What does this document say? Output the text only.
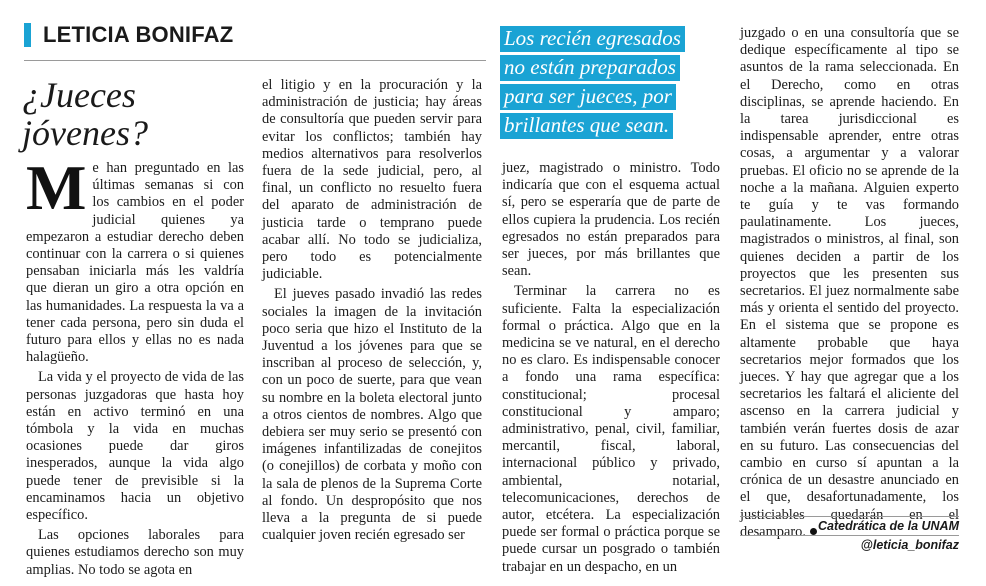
LETICIA BONIFAZ
¿Jueces jóvenes?
Los recién egresados
no están preparados
para ser jueces, por
brillantes que sean.

Me han preguntado en las últimas semanas si con los cambios en el poder judicial quienes ya empezaron a estudiar derecho deben continuar con la carrera o si quienes pensaban iniciarla más les valdría que dieran un giro a otra opción en las humanidades. La respuesta la va a tener cada persona, pero sin duda el futuro para ellos y ellas no es nada halagüeño.

La vida y el proyecto de vida de las personas juzgadoras que hasta hoy están en activo terminó en una tómbola y la vida en muchas ocasiones puede dar giros inesperados, aunque la vida algo puede tener de previsible si la encaminamos hacia un objetivo específico.

Las opciones laborales para quienes estudiamos derecho son muy amplias. No todo se agota en

el litigio y en la procuración y la administración de justicia; hay áreas de consultoría que pueden servir para evitar los conflictos; también hay medios alternativos para resolverlos fuera de la sede judicial, pero, al final, un conflicto no resuelto fuera del aparato de administración de justicia tarde o temprano puede acabar allí. No todo se judicializa, pero todo es potencialmente judiciable.

El jueves pasado invadió las redes sociales la imagen de la invitación poco seria que hizo el Instituto de la Juventud a los jóvenes para que se inscriban al proceso de selección, y, con un poco de suerte, para que vean su nombre en la boleta electoral junto a otros cientos de nombres. Algo que debiera ser muy serio se presentó con imágenes infantilizadas de conejitos (o conejillos) de corbata y moño con la sala de plenos de la Suprema Corte al fondo. Un despropósito que nos lleva a la pregunta de si puede cualquier joven recién egresado ser

juez, magistrado o ministro. Todo indicaría que con el esquema actual sí, pero se esperaría que de parte de ellos cupiera la prudencia. Los recién egresados no están preparados para ser jueces, por más brillantes que sean.

Terminar la carrera no es suficiente. Falta la especialización formal o práctica. Algo que en la medicina se ve natural, en el derecho no es claro. Es indispensable conocer a fondo una rama específica: constitucional; procesal constitucional y amparo; administrativo, penal, civil, familiar, mercantil, fiscal, laboral, internacional público y privado, ambiental, notarial, telecomunicaciones, derechos de autor, etcétera. La especialización puede ser formal o práctica porque se puede cursar un posgrado o también trabajar en un despacho, en un

juzgado o en una consultoría que se dedique específicamente al tipo se asuntos de la rama seleccionada. En el Derecho, como en otras disciplinas, se aprende haciendo. En la tarea jurisdiccional es indispensable aprender, entre otras cosas, a argumentar y a valorar pruebas. El oficio no se aprende de la noche a la mañana. Alguien experto te guía y te vas formando paulatinamente. Los jueces, magistrados o ministros, al final, son quienes deciden a partir de los proyectos que les presenten sus secretarios. El juez normalmente sabe más y orienta el sentido del proyecto. En el sistema que se propone es altamente probable que haya secretarios mejor formados que los jueces. Y hay que agregar que a los secretarios les faltará el aliciente del ascenso en la carrera judicial y también verán fuertes dosis de azar en su futuro. Las consecuencias del cambio en curso sí apuntan a la crónica de un desastre anunciado en el que, desafortunadamente, los justiciables quedarán en el desamparo. Catedrática de la UNAM
@leticia_bonifaz
